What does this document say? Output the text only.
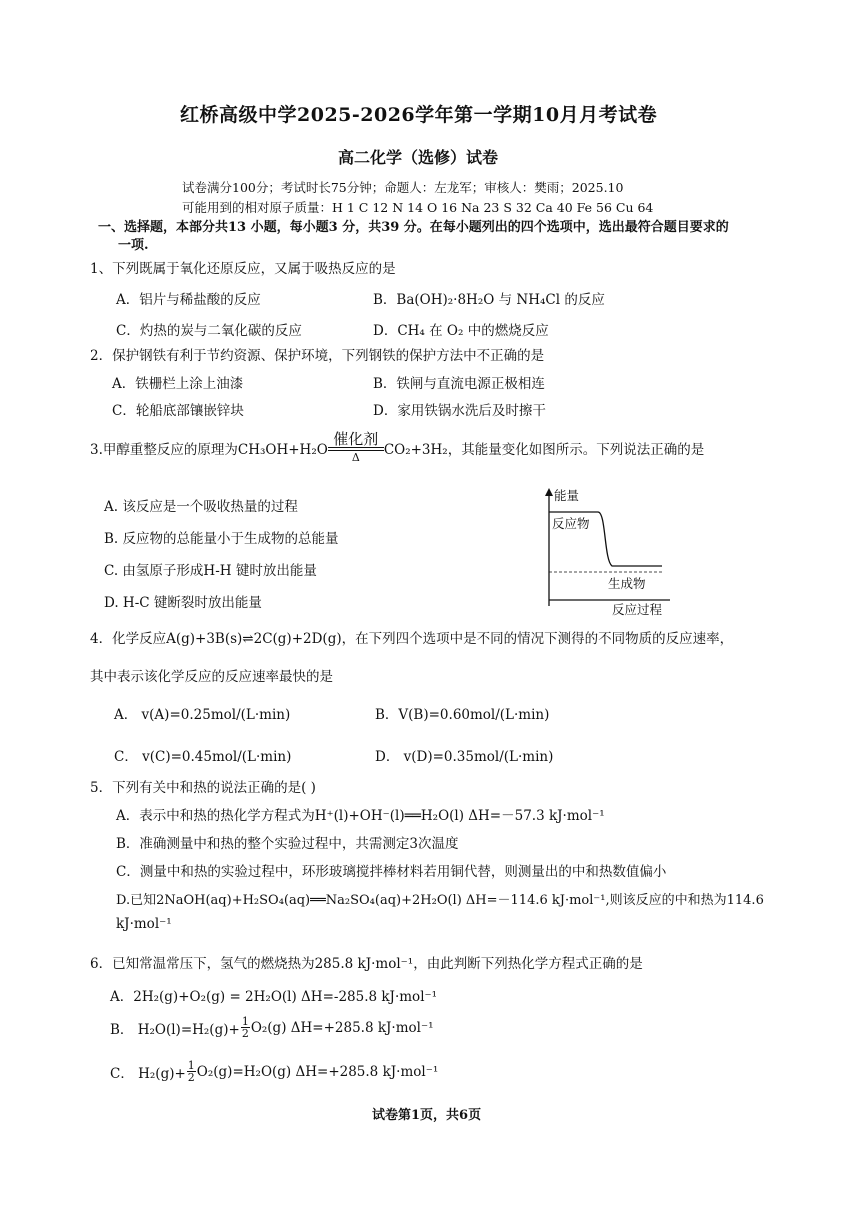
红桥高级中学2025-2026学年第一学期10月月考试卷
高二化学（选修）试卷
试卷满分100分；考试时长75分钟；命题人：左龙军；审核人：樊雨；2025.10
可能用到的相对原子质量：H 1 C 12 N 14 O 16 Na 23 S 32 Ca 40 Fe 56 Cu 64
一、选择题，本部分共13 小题，每小题3 分，共39 分。在每小题列出的四个选项中，选出最符合题目要求的
一项.
1、下列既属于氧化还原反应，又属于吸热反应的是
A．铝片与稀盐酸的反应	B．Ba(OH)₂·8H₂O 与 NH₄Cl 的反应
C．灼热的炭与二氧化碳的反应	D．CH₄ 在 O₂ 中的燃烧反应
2．保护钢铁有利于节约资源、保护环境，下列钢铁的保护方法中不正确的是
A．铁栅栏上涂上油漆	B．铁闸与直流电源正极相连
C．轮船底部镶嵌锌块	D．家用铁锅水洗后及时擦干
3.甲醇重整反应的原理为CH₃OH+H₂O
催化剂
Δ	CO₂+3H₂，其能量变化如图所示。下列说法正确的是
A. 该反应是一个吸收热量的过程
B. 反应物的总能量小于生成物的总能量
C. 由氢原子形成H-H 键时放出能量
D. H-C 键断裂时放出能量
能量
反应物
生成物
反应过程
4．化学反应A(g)+3B(s)⇌2C(g)+2D(g)，在下列四个选项中是不同的情况下测得的不同物质的反应速率，
其中表示该化学反应的反应速率最快的是
A． v(A)=0.25mol/(L·min)	B．V(B)=0.60mol/(L·min)
C． v(C)=0.45mol/(L·min)	D． v(D)=0.35mol/(L·min)
5．下列有关中和热的说法正确的是( )
A．表示中和热的热化学方程式为H⁺(l)+OH⁻(l)══H₂O(l) ΔH=－57.3 kJ·mol⁻¹
B．准确测量中和热的整个实验过程中，共需测定3次温度
C．测量中和热的实验过程中，环形玻璃搅拌棒材料若用铜代替，则测量出的中和热数值偏小
D.已知2NaOH(aq)+H₂SO₄(aq)══Na₂SO₄(aq)+2H₂O(l) ΔH=－114.6 kJ·mol⁻¹,则该反应的中和热为114.6
kJ·mol⁻¹
6．已知常温常压下，氢气的燃烧热为285.8 kJ·mol⁻¹，由此判断下列热化学方程式正确的是
A．2H₂(g)+O₂(g) = 2H₂O(l) ΔH=-285.8 kJ·mol⁻¹
B． $H_2O(l)=H_2(g)+ \frac{1}{2} O_2(g)$ ΔH=+285.8 kJ·mol⁻¹
C． $H_2(g)+ \frac{1}{2} O_2(g)=H_2O(g)$ ΔH=+285.8 kJ·mol⁻¹
试卷第1页，共6页
